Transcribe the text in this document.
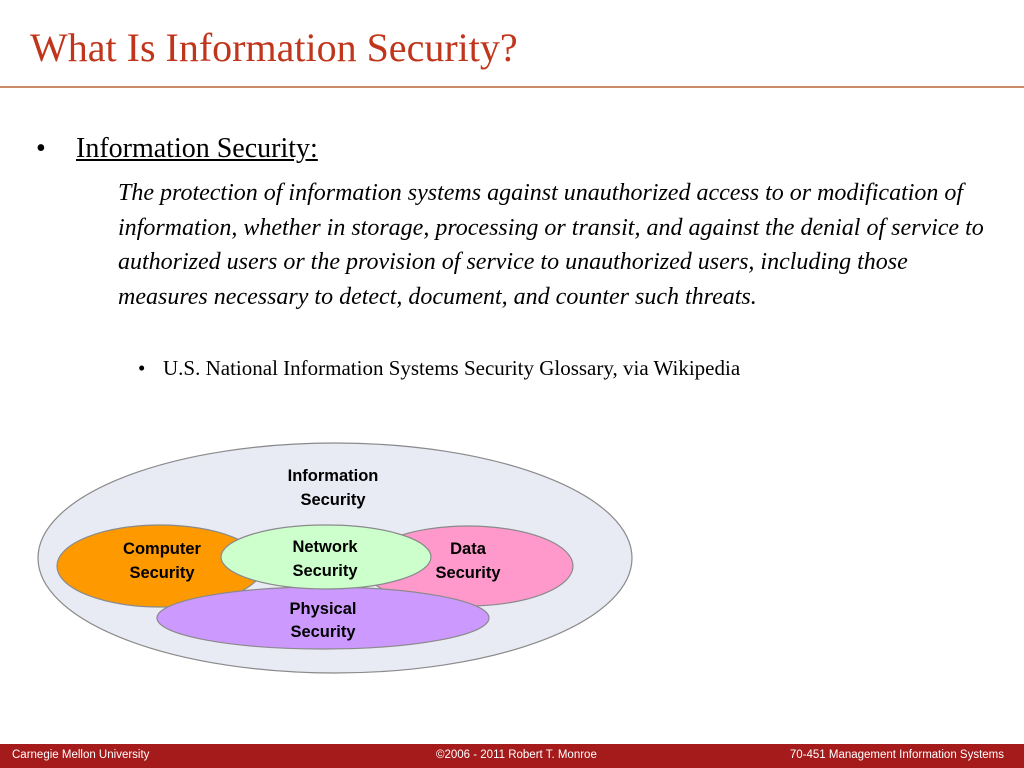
What Is Information Security?
• Information Security:
The protection of information systems against unauthorized access to or modification of information, whether in storage, processing or transit, and against the denial of service to authorized users or the provision of service to unauthorized users, including those measures necessary to detect, document, and counter such threats.
• U.S. National Information Systems Security Glossary, via Wikipedia
Information
Security
Computer
Security
Data
Security
Network
Security
Physical
Security
Carnegie Mellon University	©2006 - 2011 Robert T. Monroe	70-451 Management Information Systems
